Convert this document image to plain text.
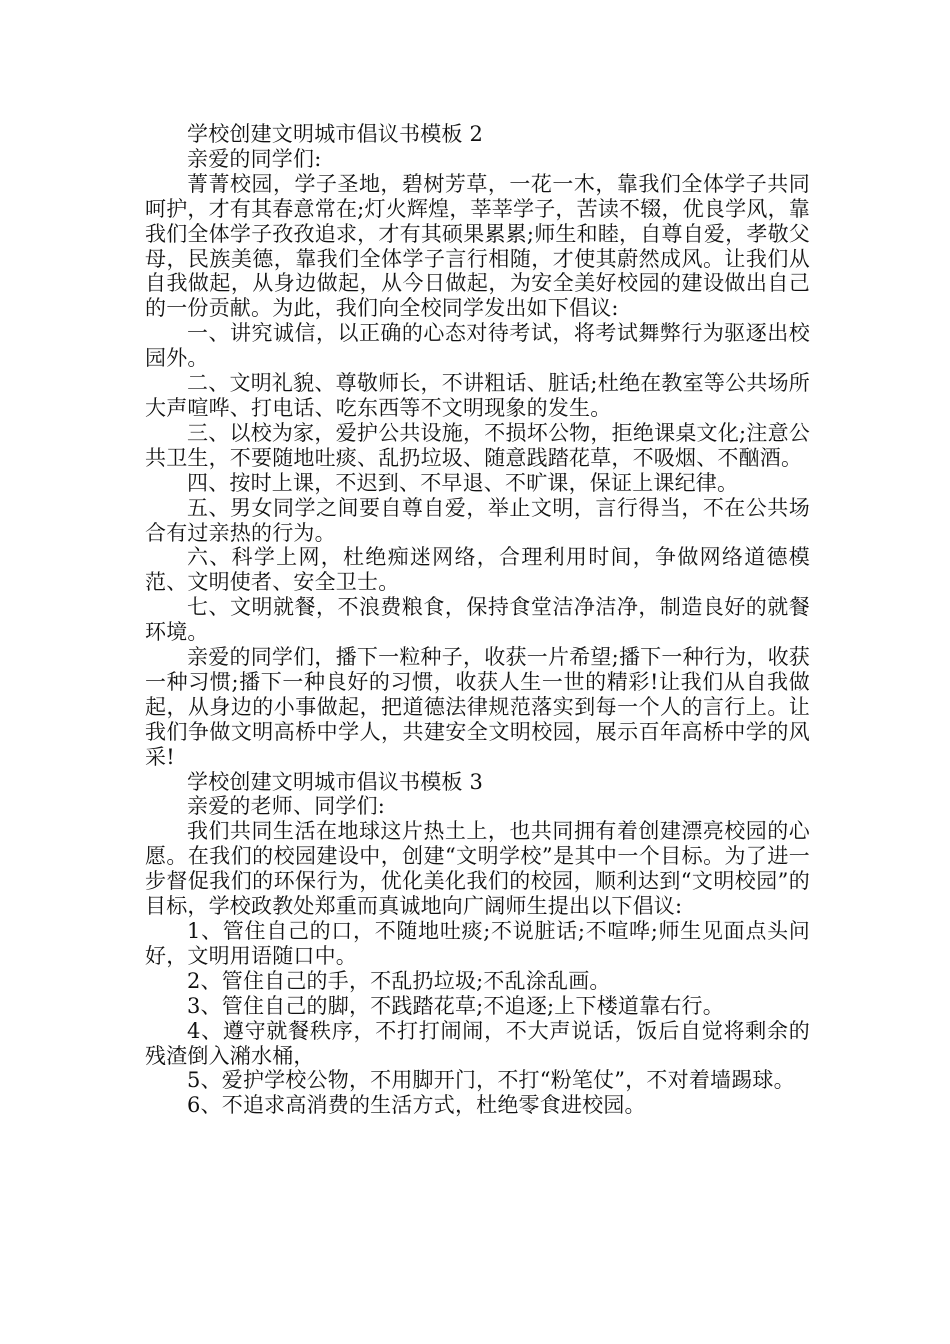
学校创建文明城市倡议书模板 2

亲爱的同学们:

菁菁校园，学子圣地，碧树芳草，一花一木，靠我们全体学子共同呵护，才有其春意常在;灯火辉煌，莘莘学子，苦读不辍，优良学风，靠我们全体学子孜孜追求，才有其硕果累累;师生和睦，自尊自爱，孝敬父母，民族美德，靠我们全体学子言行相随，才使其蔚然成风。让我们从自我做起，从身边做起，从今日做起，为安全美好校园的建设做出自己的一份贡献。为此，我们向全校同学发出如下倡议:

一、讲究诚信，以正确的心态对待考试，将考试舞弊行为驱逐出校园外。

二、文明礼貌、尊敬师长，不讲粗话、脏话;杜绝在教室等公共场所大声喧哗、打电话、吃东西等不文明现象的发生。

三、以校为家，爱护公共设施，不损坏公物，拒绝课桌文化;注意公共卫生，不要随地吐痰、乱扔垃圾、随意践踏花草，不吸烟、不酗酒。

四、按时上课，不迟到、不早退、不旷课，保证上课纪律。

五、男女同学之间要自尊自爱，举止文明，言行得当，不在公共场合有过亲热的行为。

六、科学上网，杜绝痴迷网络，合理利用时间，争做网络道德模范、文明使者、安全卫士。

七、文明就餐，不浪费粮食，保持食堂洁净洁净，制造良好的就餐环境。

亲爱的同学们，播下一粒种子，收获一片希望;播下一种行为，收获一种习惯;播下一种良好的习惯，收获人生一世的精彩!让我们从自我做起，从身边的小事做起，把道德法律规范落实到每一个人的言行上。让我们争做文明高桥中学人，共建安全文明校园，展示百年高桥中学的风采!

学校创建文明城市倡议书模板 3

亲爱的老师、同学们:

我们共同生活在地球这片热土上，也共同拥有着创建漂亮校园的心愿。在我们的校园建设中，创建“文明学校”是其中一个目标。为了进一步督促我们的环保行为，优化美化我们的校园，顺利达到“文明校园”的目标，学校政教处郑重而真诚地向广阔师生提出以下倡议:

1、管住自己的口，不随地吐痰;不说脏话;不喧哗;师生见面点头问好，文明用语随口中。

2、管住自己的手，不乱扔垃圾;不乱涂乱画。

3、管住自己的脚，不践踏花草;不追逐;上下楼道靠右行。

4、遵守就餐秩序，不打打闹闹，不大声说话，饭后自觉将剩余的残渣倒入潲水桶，

5、爱护学校公物，不用脚开门，不打“粉笔仗”，不对着墙踢球。

6、不追求高消费的生活方式，杜绝零食进校园。
